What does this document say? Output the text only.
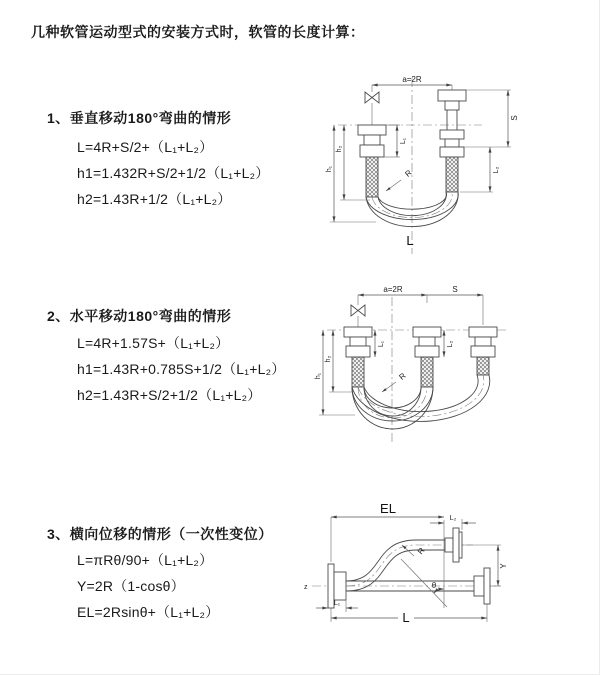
几种软管运动型式的安装方式时，软管的长度计算：
1、垂直移动180°弯曲的情形
L=4R+S/2+（L₁+L₂）
h1=1.432R+S/2+1/2（L₁+L₂）
h2=1.43R+1/2（L₁+L₂）
2、水平移动180°弯曲的情形
L=4R+1.57S+（L₁+L₂）
h1=1.43R+0.785S+1/2（L₁+L₂）
h2=1.43R+S/2+1/2（L₁+L₂）
3、横向位移的情形（一次性变位）
L=πRθ/90+（L₁+L₂）
Y=2R（1-cosθ）
EL=2Rsinθ+（L₁+L₂）
a=2R
S
L₂
L₁
h₁
h₂
R
L
a=2R	S
h₁
h₂
L₁	L₂
R
z
EL
L₂
Y
R
θ
L₁
L
